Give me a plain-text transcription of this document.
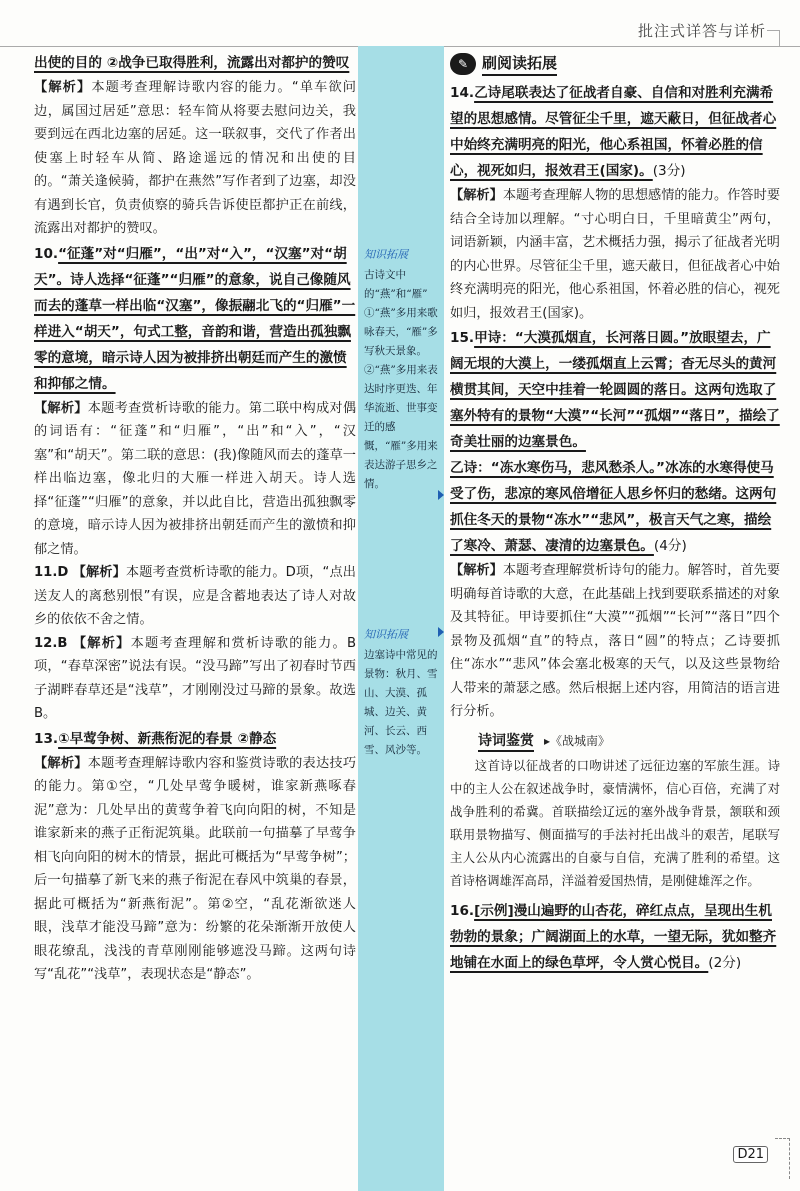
批注式详答与详析

出使的目的 ②战争已取得胜利，流露出对都护的赞叹

【解析】本题考查理解诗歌内容的能力。“单车欲问边，属国过居延”意思：轻车简从将要去慰问边关，我要到远在西北边塞的居延。这一联叙事，交代了作者出使塞上时轻车从简、路途遥远的情况和出使的目的。“萧关逢候骑，都护在燕然”写作者到了边塞，却没有遇到长官，负责侦察的骑兵告诉使臣都护正在前线，流露出对都护的赞叹。

10.“征蓬”对“归雁”，“出”对“入”，“汉塞”对“胡天”。诗人选择“征蓬”“归雁”的意象，说自己像随风而去的蓬草一样出临“汉塞”，像振翮北飞的“归雁”一样进入“胡天”，句式工整，音韵和谐，营造出孤独飘零的意境，暗示诗人因为被排挤出朝廷而产生的激愤和抑郁之情。

【解析】本题考查赏析诗歌的能力。第二联中构成对偶的词语有：“征蓬”和“归雁”，“出”和“入”，“汉塞”和“胡天”。第二联的意思：(我)像随风而去的蓬草一样出临边塞，像北归的大雁一样进入胡天。诗人选择“征蓬”“归雁”的意象，并以此自比，营造出孤独飘零的意境，暗示诗人因为被排挤出朝廷而产生的激愤和抑郁之情。

11.D 【解析】本题考查赏析诗歌的能力。D项，“点出送友人的离愁别恨”有误，应是含蓄地表达了诗人对故乡的依依不舍之情。

12.B 【解析】本题考查理解和赏析诗歌的能力。B项，“春草深密”说法有误。“没马蹄”写出了初春时节西子湖畔春草还是“浅草”，才刚刚没过马蹄的景象。故选B。

13.①早莺争树、新燕衔泥的春景 ②静态

【解析】本题考查理解诗歌内容和鉴赏诗歌的表达技巧的能力。第①空，“几处早莺争暖树，谁家新燕啄春泥”意为：几处早出的黄莺争着飞向向阳的树，不知是谁家新来的燕子正衔泥筑巢。此联前一句描摹了早莺争相飞向向阳的树木的情景，据此可概括为“早莺争树”；后一句描摹了新飞来的燕子衔泥在春风中筑巢的春景，据此可概括为“新燕衔泥”。第②空，“乱花渐欲迷人眼，浅草才能没马蹄”意为：纷繁的花朵渐渐开放使人眼花缭乱，浅浅的青草刚刚能够遮没马蹄。这两句诗写“乱花”“浅草”，表现状态是“静态”。

知识拓展
古诗文中的“燕”和“雁” ①“燕”多用来歌咏春天，“雁”多写秋天景象。②“燕”多用来表达时序更迭、年华流逝、世事变迁的感慨，“雁”多用来表达游子思乡之情。
知识拓展
边塞诗中常见的景物：秋月、雪山、大漠、孤城、边关、黄河、长云、西雪、风沙等。
✎ 刷阅读拓展

14.乙诗尾联表达了征战者自豪、自信和对胜利充满希望的思想感情。尽管征尘千里，遮天蔽日，但征战者心中始终充满明亮的阳光，他心系祖国，怀着必胜的信心，视死如归，报效君王(国家)。(3分)

【解析】本题考查理解人物的思想感情的能力。作答时要结合全诗加以理解。“寸心明白日，千里暗黄尘”两句，词语新颖，内涵丰富，艺术概括力强，揭示了征战者光明的内心世界。尽管征尘千里，遮天蔽日，但征战者心中始终充满明亮的阳光，他心系祖国，怀着必胜的信心，视死如归，报效君王(国家)。

15.甲诗：“大漠孤烟直，长河落日圆。”放眼望去，广阔无垠的大漠上，一缕孤烟直上云霄；杳无尽头的黄河横贯其间，天空中挂着一轮圆圆的落日。这两句选取了塞外特有的景物“大漠”“长河”“孤烟”“落日”，描绘了奇美壮丽的边塞景色。

乙诗：“冻水寒伤马，悲风愁杀人。”冰冻的水寒得使马受了伤，悲凉的寒风倍增征人思乡怀归的愁绪。这两句抓住冬天的景物“冻水”“悲风”，极言天气之寒，描绘了寒冷、萧瑟、凄清的边塞景色。(4分)

【解析】本题考查理解赏析诗句的能力。解答时，首先要明确每首诗歌的大意，在此基础上找到要联系描述的对象及其特征。甲诗要抓住“大漠”“孤烟”“长河”“落日”四个景物及孤烟“直”的特点，落日“圆”的特点；乙诗要抓住“冻水”“悲风”体会塞北极寒的天气，以及这些景物给人带来的萧瑟之感。然后根据上述内容，用简洁的语言进行分析。

诗词鉴赏 ▸《战城南》

这首诗以征战者的口吻讲述了远征边塞的军旅生涯。诗中的主人公在叙述战争时，豪情满怀，信心百倍，充满了对战争胜利的希冀。首联描绘辽远的塞外战争背景，颔联和颈联用景物描写、侧面描写的手法衬托出战斗的艰苦，尾联写主人公从内心流露出的自豪与自信，充满了胜利的希望。这首诗格调雄浑高昂，洋溢着爱国热情，是刚健雄浑之作。

16.[示例]漫山遍野的山杏花，碎红点点，呈现出生机勃勃的景象；广阔湖面上的水草，一望无际，犹如整齐地铺在水面上的绿色草坪，令人赏心悦目。(2分)

D21
